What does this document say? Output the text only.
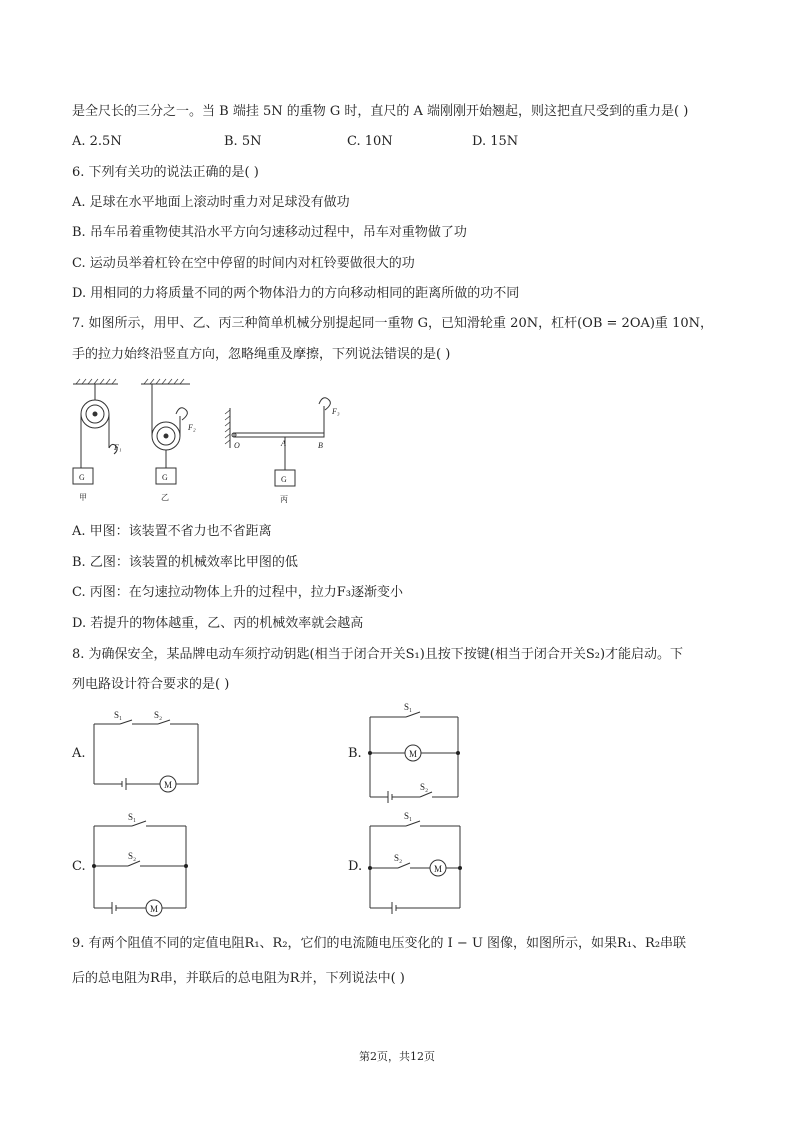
是全尺长的三分之一。当 B 端挂 5N 的重物 G 时，直尺的 A 端刚刚开始翘起，则这把直尺受到的重力是( )
A. 2.5N	B. 5N	C. 10N	D. 15N
6. 下列有关功的说法正确的是( )
A. 足球在水平地面上滚动时重力对足球没有做功
B. 吊车吊着重物使其沿水平方向匀速移动过程中，吊车对重物做了功
C. 运动员举着杠铃在空中停留的时间内对杠铃要做很大的功
D. 用相同的力将质量不同的两个物体沿力的方向移动相同的距离所做的功不同
7. 如图所示，用甲、乙、丙三种简单机械分别提起同一重物 G，已知滑轮重 20N，杠杆(OB = 2OA)重 10N，
手的拉力始终沿竖直方向，忽略绳重及摩擦，下列说法错误的是( )
G	G	G
F₁
F₂
F₃
O	A	B
甲	乙	丙
A. 甲图：该装置不省力也不省距离
B. 乙图：该装置的机械效率比甲图的低
C. 丙图：在匀速拉动物体上升的过程中，拉力F₃逐渐变小
D. 若提升的物体越重，乙、丙的机械效率就会越高
8. 为确保安全，某品牌电动车须拧动钥匙(相当于闭合开关S₁)且按下按键(相当于闭合开关S₂)才能启动。下
列电路设计符合要求的是( )
A.
S₁	S₂
M
B.
S₁
S₂
M
C.
S₁
S₂
M
D.
S₁
S₂
M
9. 有两个阻值不同的定值电阻R₁、R₂，它们的电流随电压变化的 I − U 图像，如图所示，如果R₁、R₂串联
后的总电阻为R串，并联后的总电阻为R并，下列说法中( )
第2页，共12页
